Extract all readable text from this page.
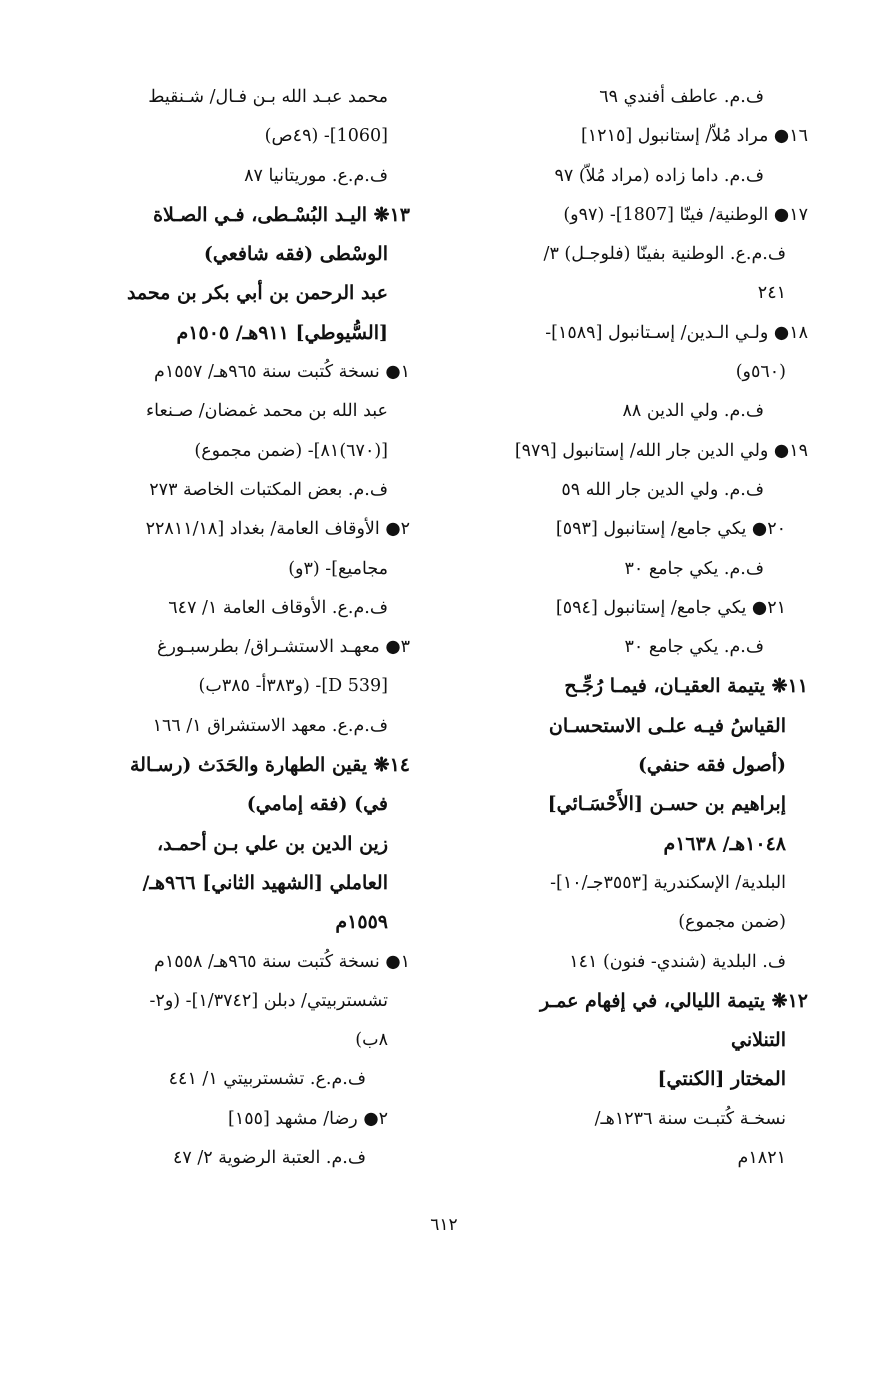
ف.م. عاطف أفندي ٦٩
١٦● مراد مُلاّ/ إستانبول [١٢١٥]
ف.م. داما زاده (مراد مُلاّ) ٩٧
١٧● الوطنية/ فينّا [1807]- (٩٧و)
ف.م.ع. الوطنية بفينّا (فلوجـل) ٣/
٢٤١
١٨● ولـي الـدين/ إسـتانبول [١٥٨٩]-
(٥٦٠و)
ف.م. ولي الدين ٨٨
١٩● ولي الدين جار الله/ إستانبول [٩٧٩]
ف.م. ولي الدين جار الله ٥٩
٢٠● يكي جامع/ إستانبول [٥٩٣]
ف.م. يكي جامع ٣٠
٢١● يكي جامع/ إستانبول [٥٩٤]
ف.م. يكي جامع ٣٠
١١❋ يتيمة العقيـان، فيمـا رُجِّـح
القياسُ فيـه علـى الاستحسـان
(أصول فقه حنفي)
إبراهيم بن حسـن [الأَحْسَـائي]
١٠٤٨هـ/ ١٦٣٨م
البلدية/ الإسكندرية [٣٥٥٣جـ/١٠]-
(ضمن مجموع)
ف. البلدية (شندي- فنون) ١٤١
١٢❋ يتيمة الليالي، في إفهام عمـر
التنلاني
المختار [الكنتي]
نسخـة كُتبـت سنة ١٢٣٦هـ/
١٨٢١م
محمد عبـد الله بـن فـال/ شـنقيط
[1060]- (٤٩ص)
ف.م.ع. موريتانيا ٨٧
١٣❋ اليـد البُسْـطى، فـي الصـلاة
الوسْطى (فقه شافعي)
عبد الرحمن بن أبي بكر بن محمد
[السُّيوطي] ٩١١هـ/ ١٥٠٥م
١● نسخة كُتبت سنة ٩٦٥هـ/ ١٥٥٧م
عبد الله بن محمد غمضان/ صـنعاء
[(٦٧٠)٨١]- (ضمن مجموع)
ف.م. بعض المكتبات الخاصة ٢٧٣
٢● الأوقاف العامة/ بغداد [٢٢٨١١/١٨
مجاميع]- (٣و)
ف.م.ع. الأوقاف العامة ١/ ٦٤٧
٣● معهـد الاستشـراق/ بطرسبـورغ
[D 539]- (و٣٨٣أ- ٣٨٥ب)
ف.م.ع. معهد الاستشراق ١/ ١٦٦
١٤❋ يقين الطهارة والحَدَث (رسـالة
في) (فقه إمامي)
زين الدين بن علي بـن أحمـد،
العاملي [الشهيد الثاني] ٩٦٦هـ/
١٥٥٩م
١● نسخة كُتبت سنة ٩٦٥هـ/ ١٥٥٨م
تشستربيتي/ دبلن [١/٣٧٤٢]- (و٢-
٨ب)
ف.م.ع. تشستربيتي ١/ ٤٤١
٢● رضا/ مشهد [١٥٥]
ف.م. العتبة الرضوية ٢/ ٤٧
٦١٢
